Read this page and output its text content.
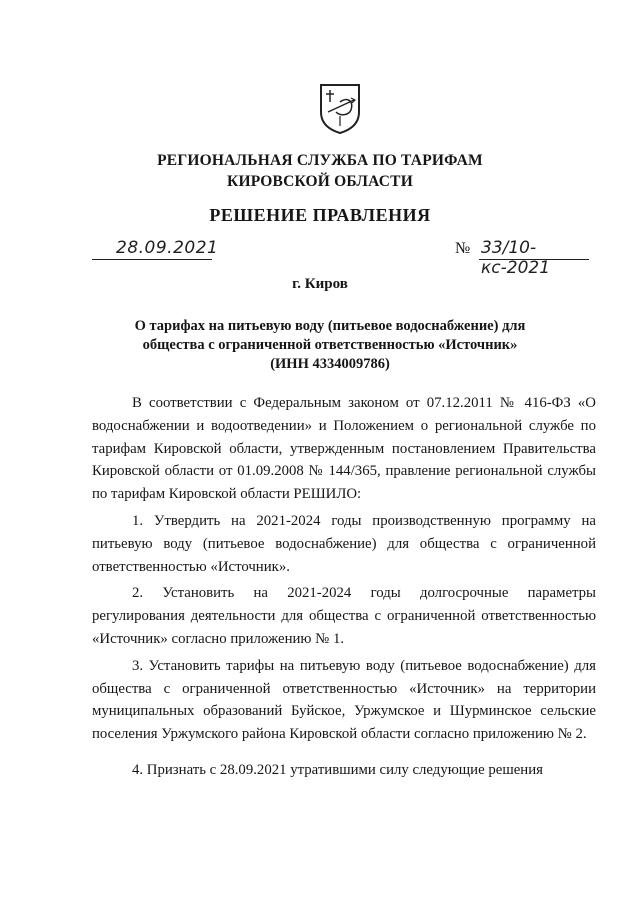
РЕГИОНАЛЬНАЯ СЛУЖБА ПО ТАРИФАМ
КИРОВСКОЙ ОБЛАСТИ
РЕШЕНИЕ ПРАВЛЕНИЯ
28.09.2021	№ 33/10-кс-2021
г. Киров
О тарифах на питьевую воду (питьевое водоснабжение) для
общества с ограниченной ответственностью «Источник»
(ИНН 4334009786)

В соответствии с Федеральным законом от 07.12.2011 № 416-ФЗ «О водоснабжении и водоотведении» и Положением о региональной службе по тарифам Кировской области, утвержденным постановлением Правительства Кировской области от 01.09.2008 № 144/365, правление региональной службы по тарифам Кировской области РЕШИЛО:

1. Утвердить на 2021-2024 годы производственную программу на питьевую воду (питьевое водоснабжение) для общества с ограниченной ответственностью «Источник».

2. Установить на 2021-2024 годы долгосрочные параметры регулирования деятельности для общества с ограниченной ответственностью «Источник» согласно приложению № 1.

3. Установить тарифы на питьевую воду (питьевое водоснабжение) для общества с ограниченной ответственностью «Источник» на территории муниципальных образований Буйское, Уржумское и Шурминское сельские поселения Уржумского района Кировской области согласно приложению № 2.

4. Признать с 28.09.2021 утратившими силу следующие решения
